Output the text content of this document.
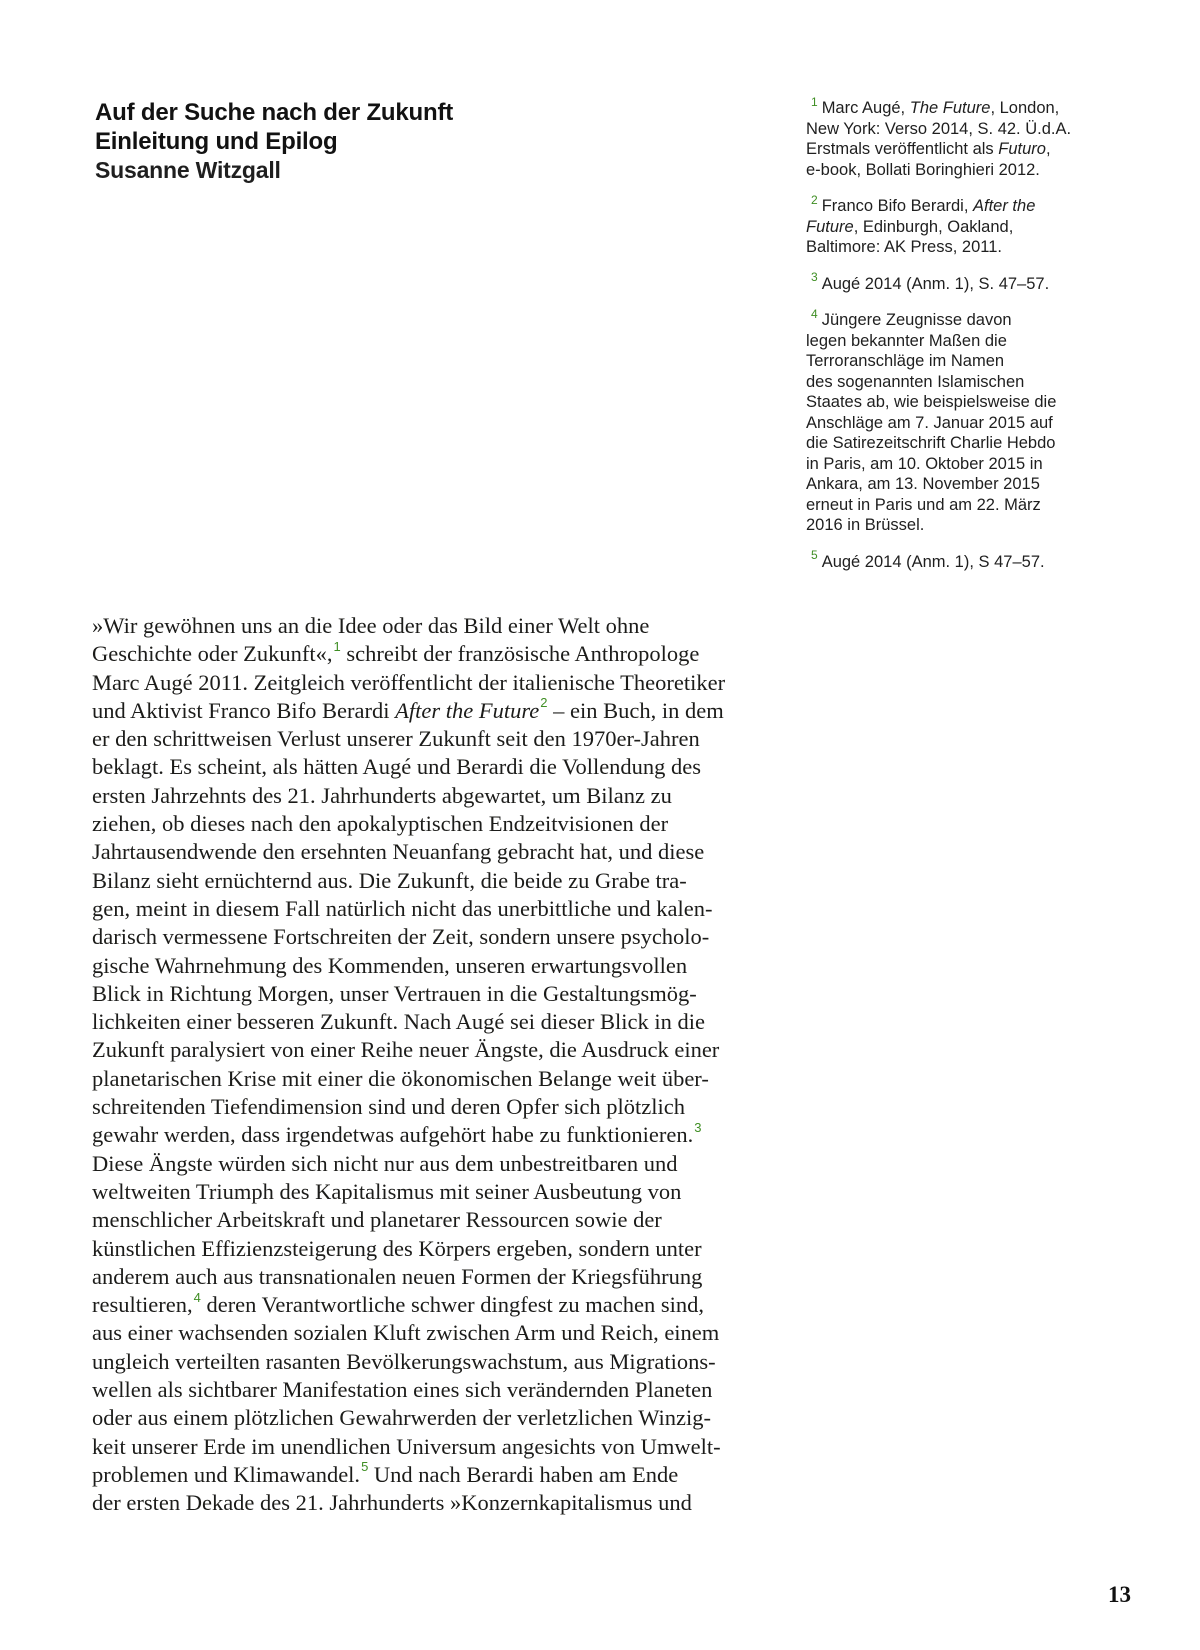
Auf der Suche nach der Zukunft
Einleitung und Epilog
Susanne Witzgall
$^1$ Marc Augé, The Future, London,
New York: Verso 2014, S. 42. Ü.d.A.
Erstmals veröffentlicht als Futuro,
e-book, Bollati Boringhieri 2012.
$^2$ Franco Bifo Berardi, After the
Future, Edinburgh, Oakland,
Baltimore: AK Press, 2011.
$^3$ Augé 2014 (Anm. 1), S. 47–57.
$^4$ Jüngere Zeugnisse davon
legen bekannter Maßen die
Terroranschläge im Namen
des sogenannten Islamischen
Staates ab, wie beispielsweise die
Anschläge am 7. Januar 2015 auf
die Satirezeitschrift Charlie Hebdo
in Paris, am 10. Oktober 2015 in
Ankara, am 13. November 2015
erneut in Paris und am 22. März
2016 in Brüssel.
$^5$ Augé 2014 (Anm. 1), S 47–57.
»Wir gewöhnen uns an die Idee oder das Bild einer Welt ohne
Geschichte oder Zukunft«,$^1$ schreibt der französische Anthropologe
Marc Augé 2011. Zeitgleich veröffentlicht der italienische Theoretiker
und Aktivist Franco Bifo Berardi After the Future$^2$ – ein Buch, in dem
er den schrittweisen Verlust unserer Zukunft seit den 1970er-Jahren
beklagt. Es scheint, als hätten Augé und Berardi die Vollendung des
ersten Jahrzehnts des 21. Jahrhunderts abgewartet, um Bilanz zu
ziehen, ob dieses nach den apokalyptischen Endzeitvisionen der
Jahrtausendwende den ersehnten Neuanfang gebracht hat, und diese
Bilanz sieht ernüchternd aus. Die Zukunft, die beide zu Grabe tra-
gen, meint in diesem Fall natürlich nicht das unerbittliche und kalen-
darisch vermessene Fortschreiten der Zeit, sondern unsere psycholo-
gische Wahrnehmung des Kommenden, unseren erwartungsvollen
Blick in Richtung Morgen, unser Vertrauen in die Gestaltungsmög-
lichkeiten einer besseren Zukunft. Nach Augé sei dieser Blick in die
Zukunft paralysiert von einer Reihe neuer Ängste, die Ausdruck einer
planetarischen Krise mit einer die ökonomischen Belange weit über-
schreitenden Tiefendimension sind und deren Opfer sich plötzlich
gewahr werden, dass irgendetwas aufgehört habe zu funktionieren.$^3$
Diese Ängste würden sich nicht nur aus dem unbestreitbaren und
weltweiten Triumph des Kapitalismus mit seiner Ausbeutung von
menschlicher Arbeitskraft und planetarer Ressourcen sowie der
künstlichen Effizienzsteigerung des Körpers ergeben, sondern unter
anderem auch aus transnationalen neuen Formen der Kriegsführung
resultieren,$^4$ deren Verantwortliche schwer dingfest zu machen sind,
aus einer wachsenden sozialen Kluft zwischen Arm und Reich, einem
ungleich verteilten rasanten Bevölkerungswachstum, aus Migrations-
wellen als sichtbarer Manifestation eines sich verändernden Planeten
oder aus einem plötzlichen Gewahrwerden der verletzlichen Winzig-
keit unserer Erde im unendlichen Universum angesichts von Umwelt-
problemen und Klimawandel.$^5$ Und nach Berardi haben am Ende
der ersten Dekade des 21. Jahrhunderts »Konzernkapitalismus und
13
